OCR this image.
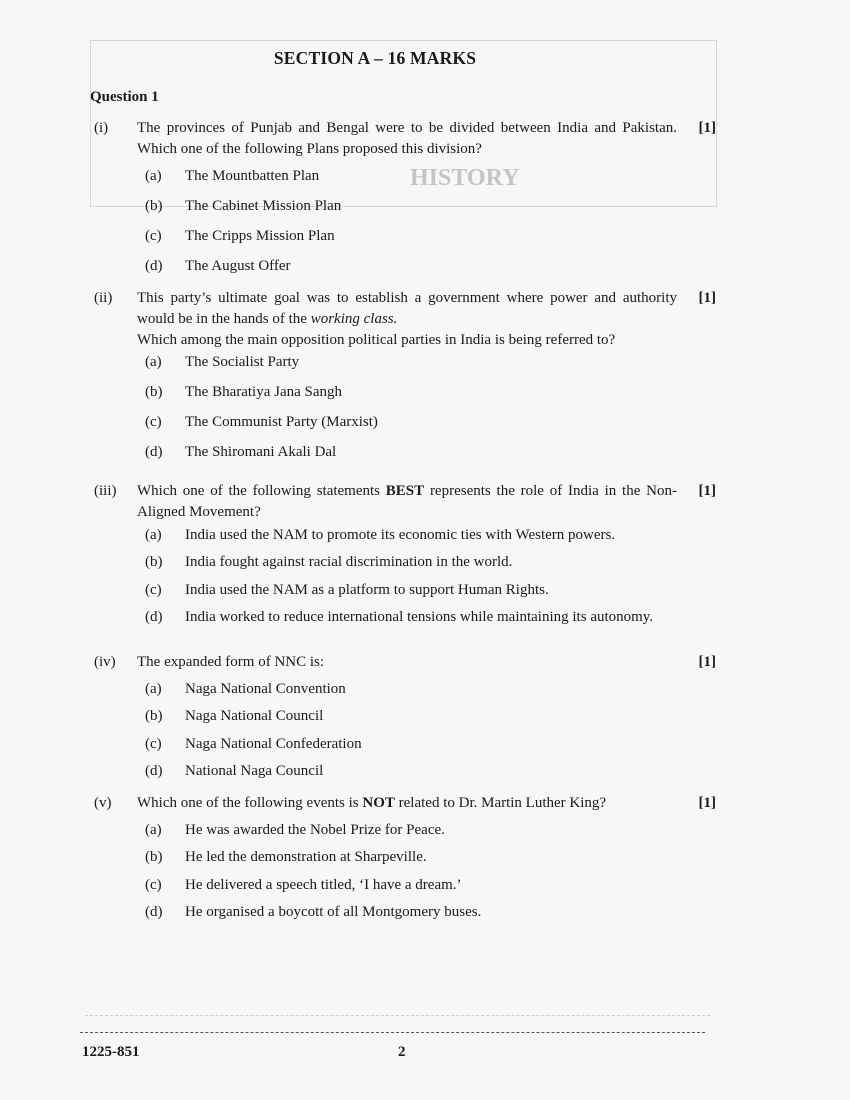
HISTORY
SECTION A – 16 MARKS
Question 1
(i)	[1]
The provinces of Punjab and Bengal were to be divided between India and Pakistan. Which one of the following Plans proposed this division?
(a)	The Mountbatten Plan
(b)	The Cabinet Mission Plan
(c)	The Cripps Mission Plan
(d)	The August Offer
(ii)	[1]
This party’s ultimate goal was to establish a government where power and authority would be in the hands of the working class.
Which among the main opposition political parties in India is being referred to?
(a)	The Socialist Party
(b)	The Bharatiya Jana Sangh
(c)	The Communist Party (Marxist)
(d)	The Shiromani Akali Dal
(iii)	[1]
Which one of the following statements BEST represents the role of India in the Non-Aligned Movement?
(a)	India used the NAM to promote its economic ties with Western powers.
(b)	India fought against racial discrimination in the world.
(c)	India used the NAM as a platform to support Human Rights.
(d)	India worked to reduce international tensions while maintaining its autonomy.
(iv)	[1]
The expanded form of NNC is:
(a)	Naga National Convention
(b)	Naga National Council
(c)	Naga National Confederation
(d)	National Naga Council
(v)	[1]
Which one of the following events is NOT related to Dr. Martin Luther King?
(a)	He was awarded the Nobel Prize for Peace.
(b)	He led the demonstration at Sharpeville.
(c)	He delivered a speech titled, ‘I have a dream.’
(d)	He organised a boycott of all Montgomery buses.
1225-851	2
